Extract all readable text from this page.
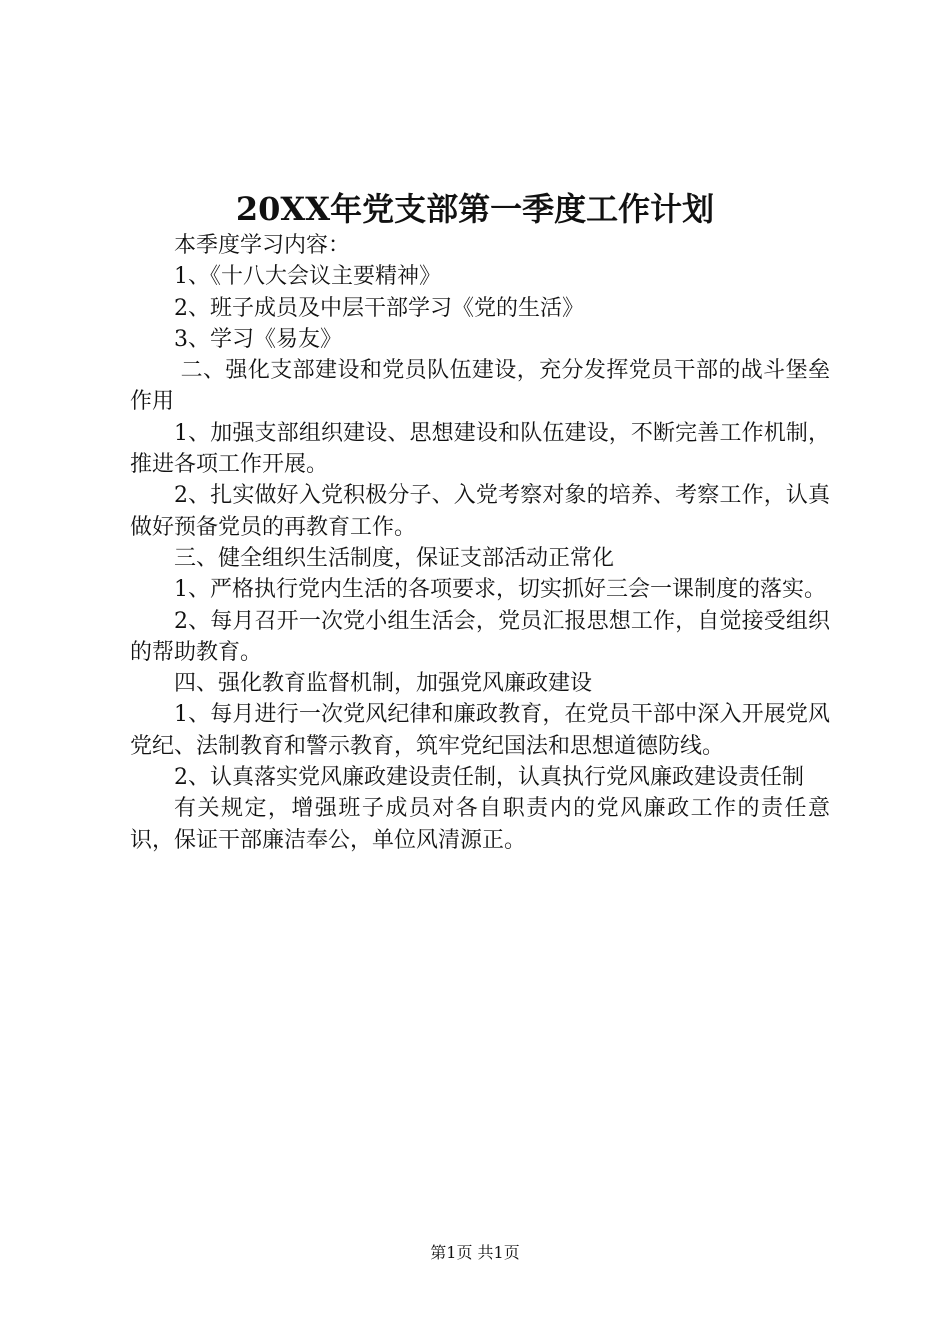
20XX年党支部第一季度工作计划

本季度学习内容：

1、《十八大会议主要精神》

2、班子成员及中层干部学习《党的生活》

3、学习《易友》

二、强化支部建设和党员队伍建设，充分发挥党员干部的战斗堡垒作用

1、加强支部组织建设、思想建设和队伍建设，不断完善工作机制，推进各项工作开展。

2、扎实做好入党积极分子、入党考察对象的培养、考察工作，认真做好预备党员的再教育工作。

三、健全组织生活制度，保证支部活动正常化

1、严格执行党内生活的各项要求，切实抓好三会一课制度的落实。

2、每月召开一次党小组生活会，党员汇报思想工作，自觉接受组织的帮助教育。

四、强化教育监督机制，加强党风廉政建设

1、每月进行一次党风纪律和廉政教育，在党员干部中深入开展党风党纪、法制教育和警示教育，筑牢党纪国法和思想道德防线。

2、认真落实党风廉政建设责任制，认真执行党风廉政建设责任制

有关规定，增强班子成员对各自职责内的党风廉政工作的责任意识，保证干部廉洁奉公，单位风清源正。

第1页 共1页
